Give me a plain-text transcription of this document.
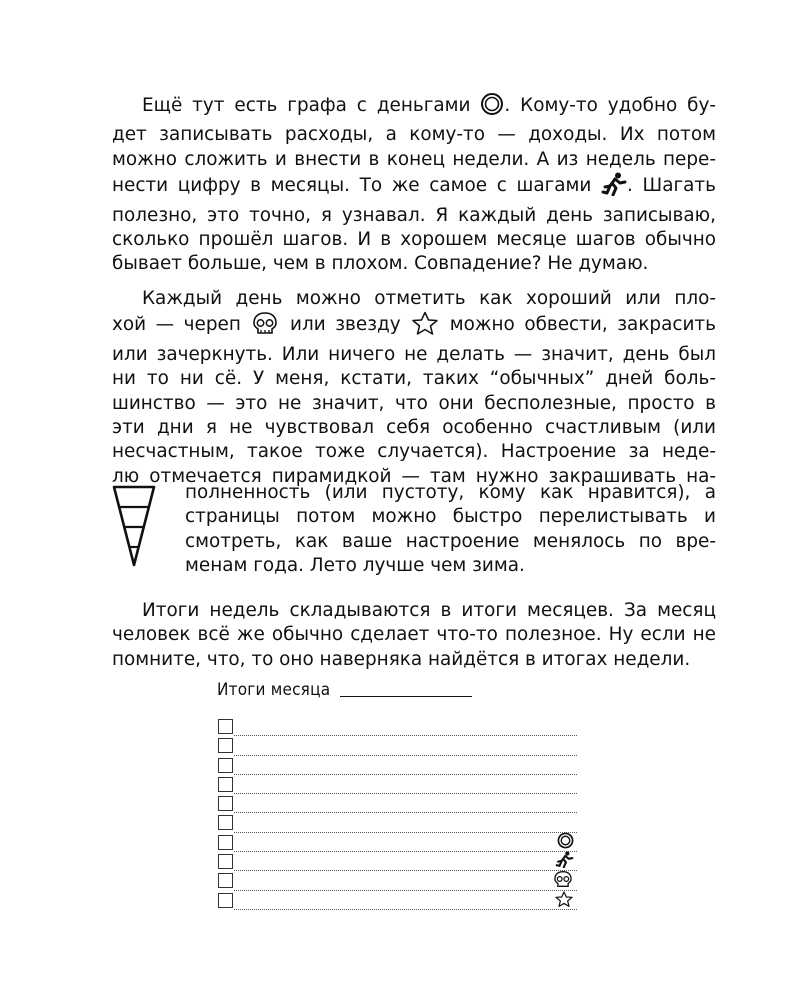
Ещё тут есть графа с деньгами . Кому-то удобно бу-
дет записывать расходы, а кому-то — доходы. Их потом
можно сложить и внести в конец недели. А из недель пере-
нести цифру в месяцы. То же самое с шагами . Шагать
полезно, это точно, я узнавал. Я каждый день записываю,
сколько прошёл шагов. И в хорошем месяце шагов обычно
бывает больше, чем в плохом. Совпадение? Не думаю.
Каждый день можно отметить как хороший или пло-
хой — череп  или звезду  можно обвести, закрасить
или зачеркнуть. Или ничего не делать — значит, день был
ни то ни сё. У меня, кстати, таких “обычных” дней боль-
шинство — это не значит, что они бесполезные, просто в
эти дни я не чувствовал себя особенно счастливым (или
несчастным, такое тоже случается). Настроение за неде-
лю отмечается пирамидкой — там нужно закрашивать на-
полненность (или пустоту, кому как нравится), а
страницы потом можно быстро перелистывать и
смотреть, как ваше настроение менялось по вре-
менам года. Лето лучше чем зима.
Итоги недель складываются в итоги месяцев. За месяц
человек всё же обычно сделает что-то полезное. Ну если не
помните, что, то оно наверняка найдётся в итогах недели.
Итоги месяца
